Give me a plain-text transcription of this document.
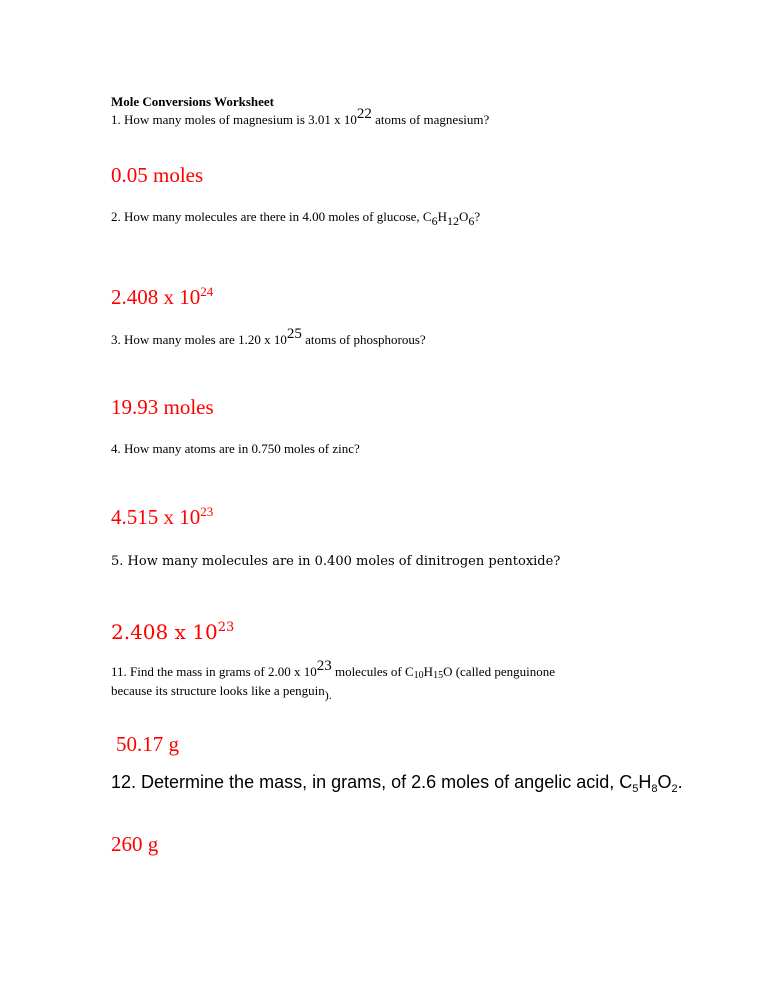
Mole Conversions Worksheet
1. How many moles of magnesium is 3.01 x $10^{22}$ atoms of magnesium?
0.05 moles
2. How many molecules are there in 4.00 moles of glucose, C6H12O6?
2.408 x $10^{24}$
3. How many moles are 1.20 x $10^{25}$ atoms of phosphorous?
19.93 moles
4. How many atoms are in 0.750 moles of zinc?
4.515 x $10^{23}$
5. How many molecules are in 0.400 moles of dinitrogen pentoxide?
2.408 x $10^{23}$
11. Find the mass in grams of 2.00 x $10^{23}$ molecules of C10H15O (called penguinone
because its structure looks like a penguin).
50.17 g
12. Determine the mass, in grams, of 2.6 moles of angelic acid, $C_5H_8O_2$.
260 g
